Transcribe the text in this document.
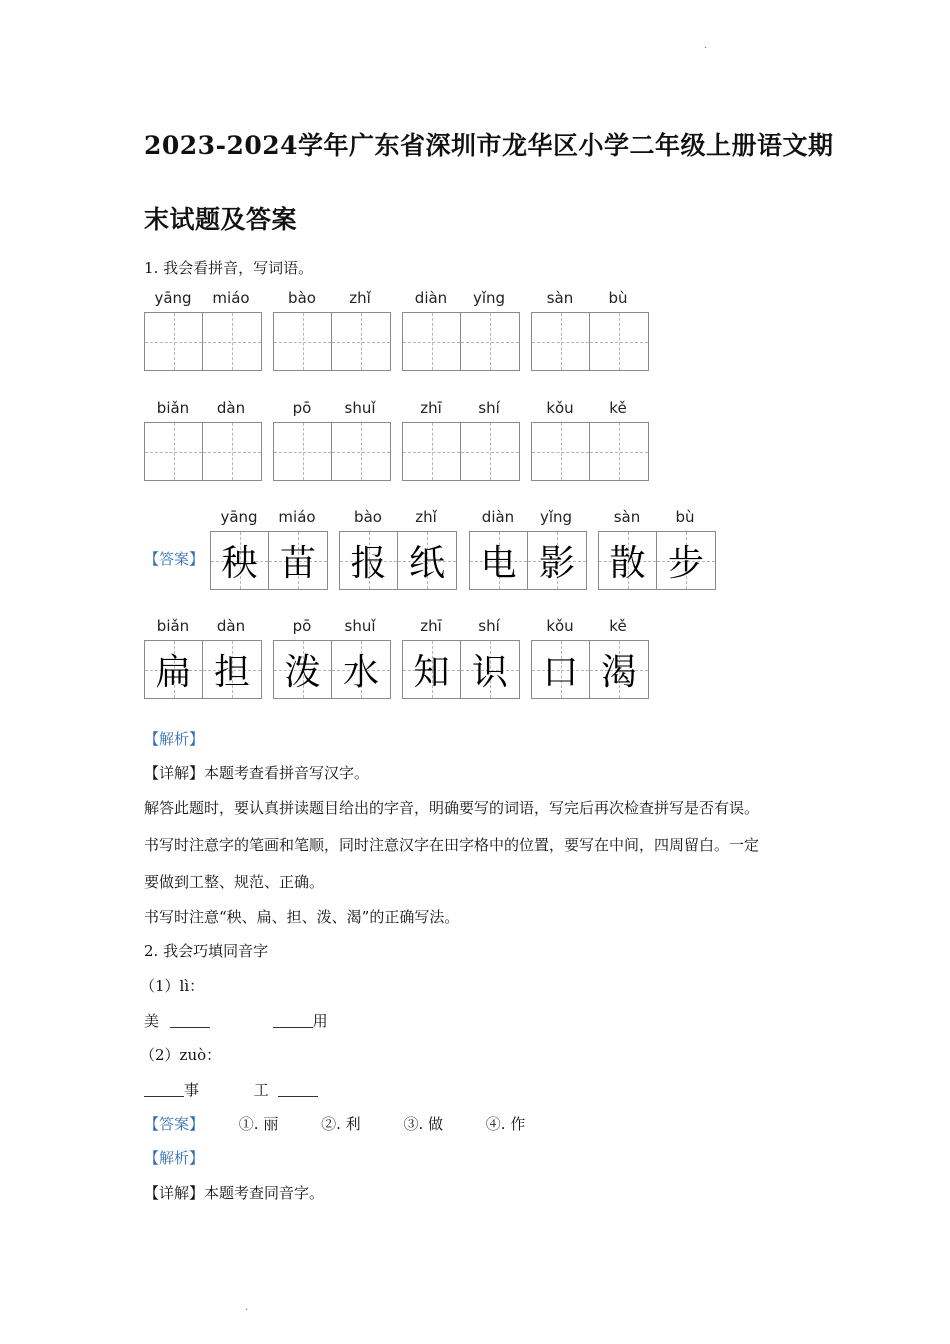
.
2023-2024学年广东省深圳市龙华区小学二年级上册语文期
末试题及答案
1. 我会看拼音，写词语。
yāng	miáo	bào	zhǐ	diàn	yǐng	sàn	bù
biǎn	dàn	pō	shuǐ	zhī	shí	kǒu	kě
yāng	miáo
秧 苗
bào	zhǐ
报 纸
diàn	yǐng
电 影
sàn	bù
散 步
biǎn	dàn
扁 担
pō	shuǐ
泼 水
zhī	shí
知 识
kǒu	kě
口 渴
【答案】
【解析】
【详解】本题考查看拼音写汉字。
解答此题时，要认真拼读题目给出的字音，明确要写的词语，写完后再次检查拼写是否有误。
书写时注意字的笔画和笔顺，同时注意汉字在田字格中的位置，要写在中间，四周留白。一定
要做到工整、规范、正确。
书写时注意“秧、扁、担、泼、渴”的正确写法。
2. 我会巧填同音字
（1）lì：
美	用
（2）zuò：
事	工
【答案】 ①. 丽	②. 利	③. 做	④. 作
【解析】
【详解】本题考查同音字。
.
